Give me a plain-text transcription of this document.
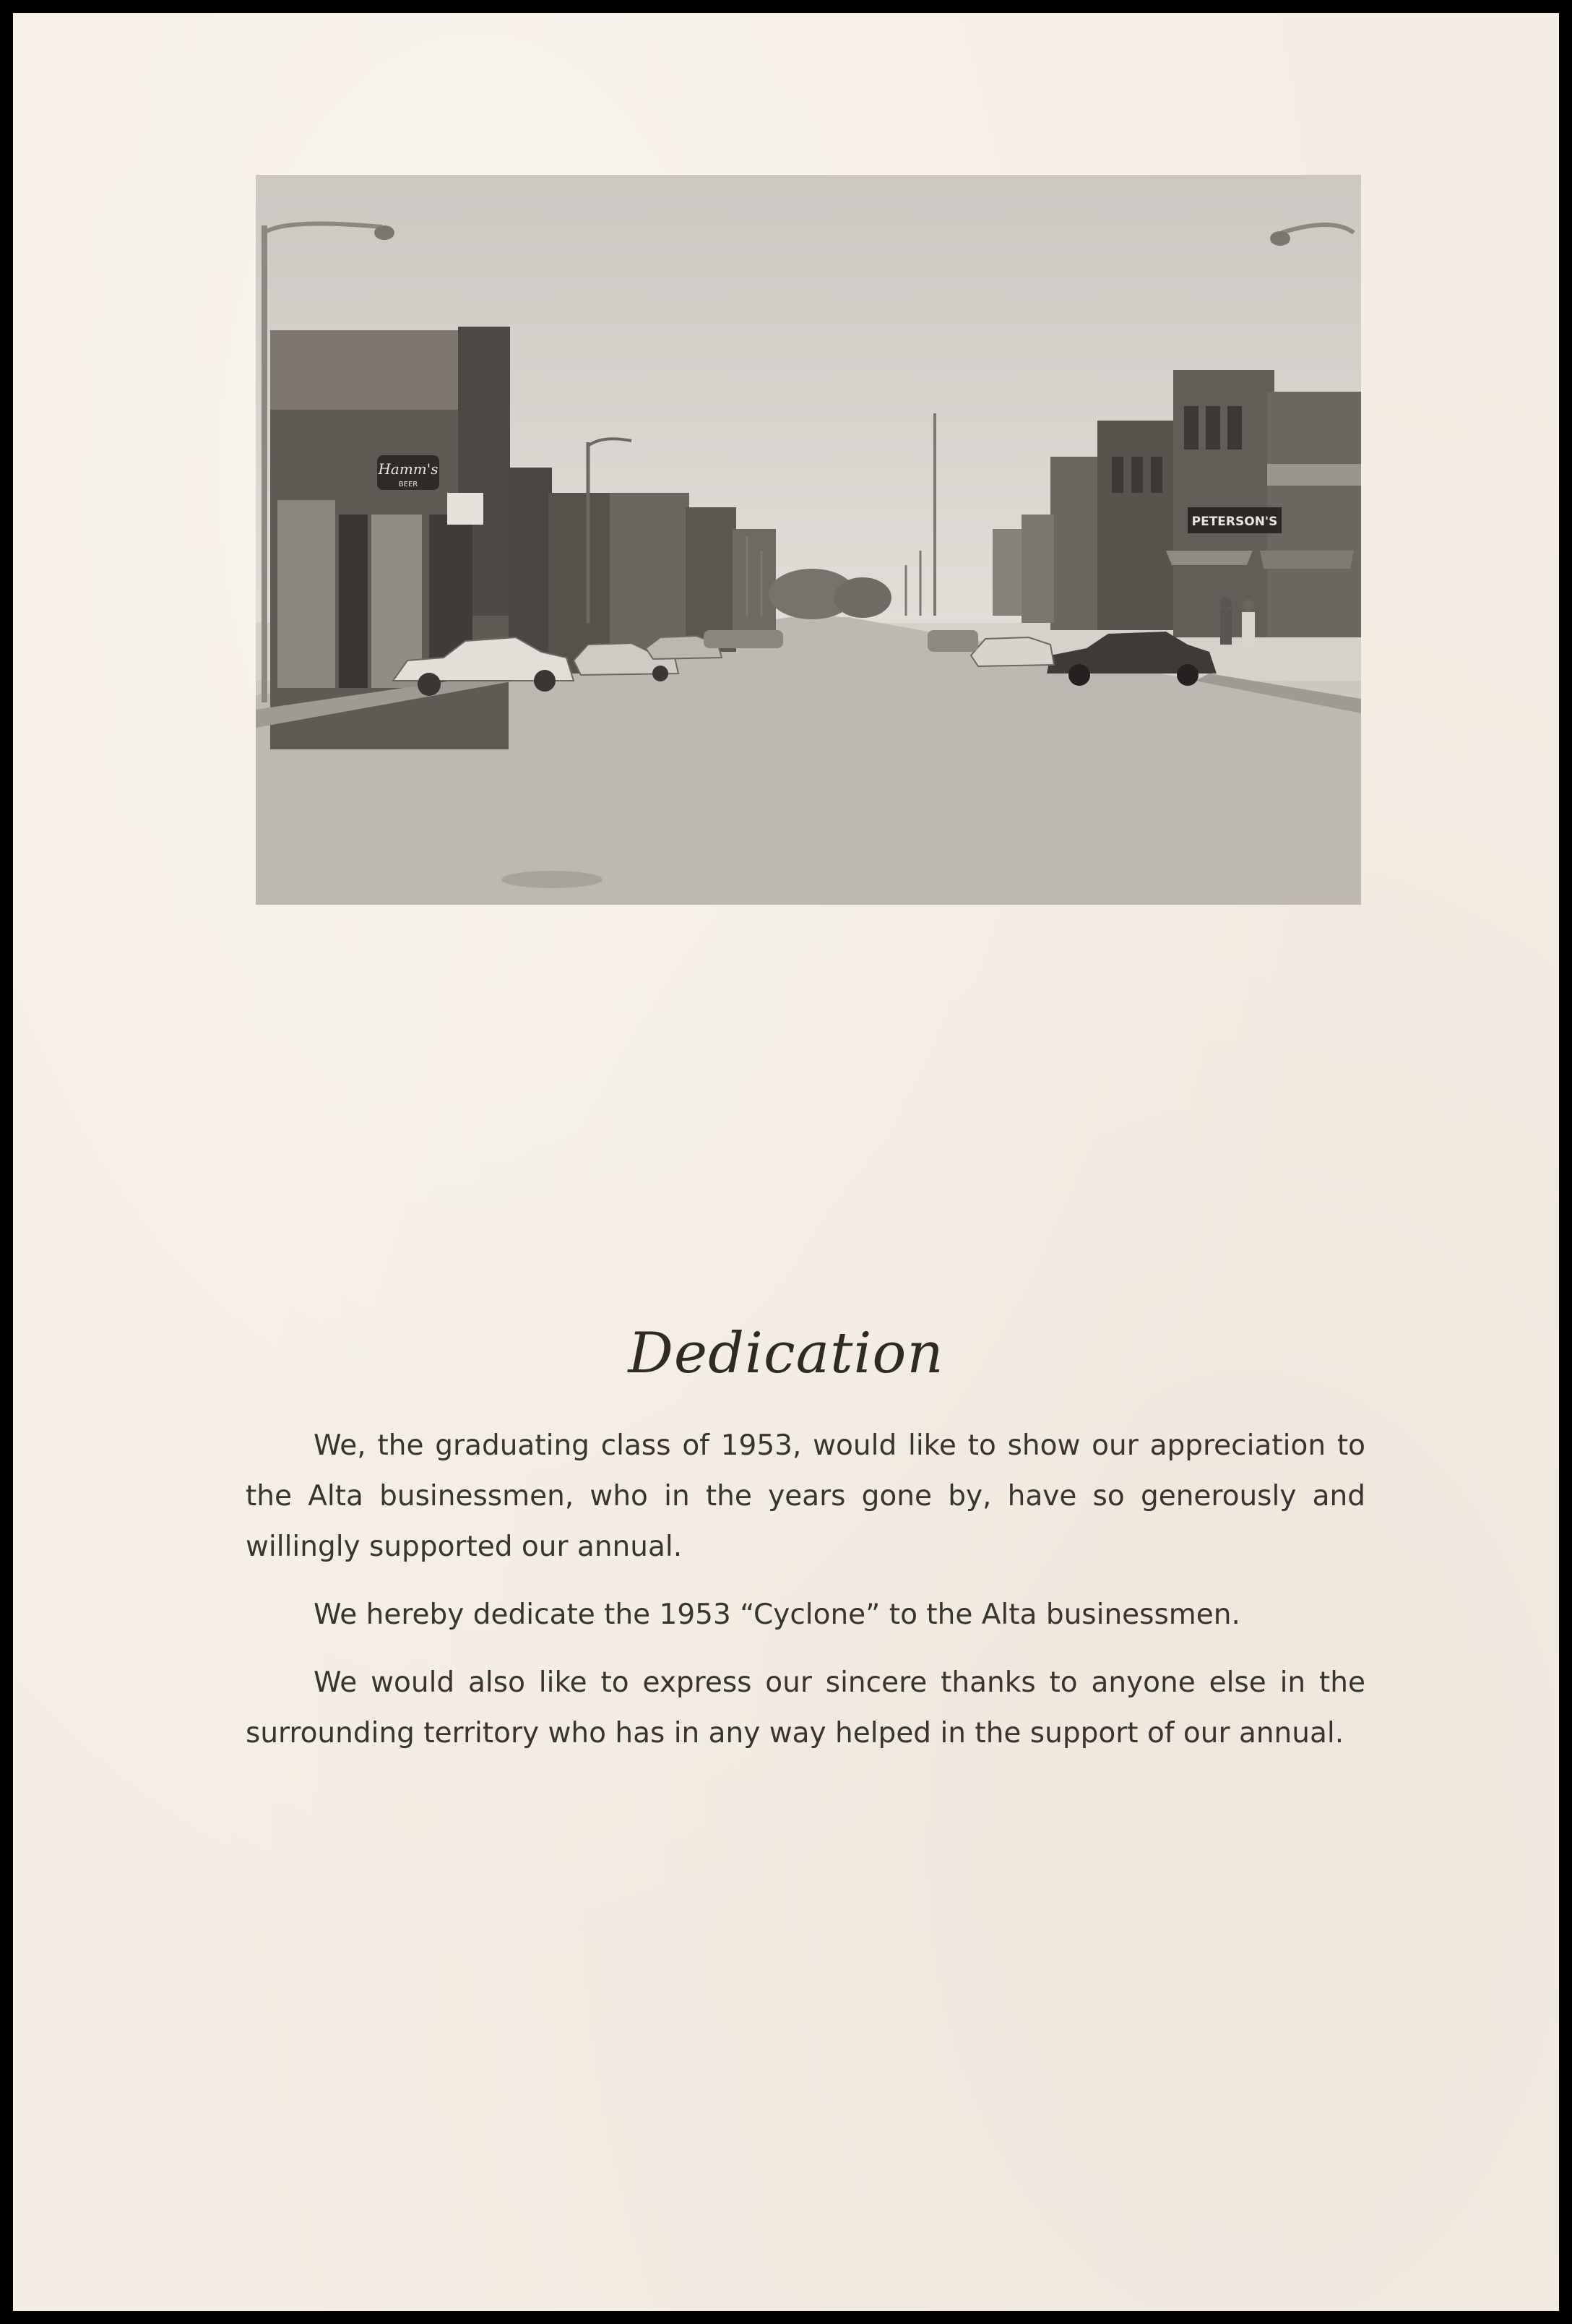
Hamm's
BEER
PETERSON'S
Dedication

We, the graduating class of 1953, would like to show our appreciation to the Alta businessmen, who in the years gone by, have so generously and willingly supported our annual.

We hereby dedicate the 1953 “Cyclone” to the Alta businessmen.

We would also like to express our sincere thanks to anyone else in the surrounding territory who has in any way helped in the support of our annual.
